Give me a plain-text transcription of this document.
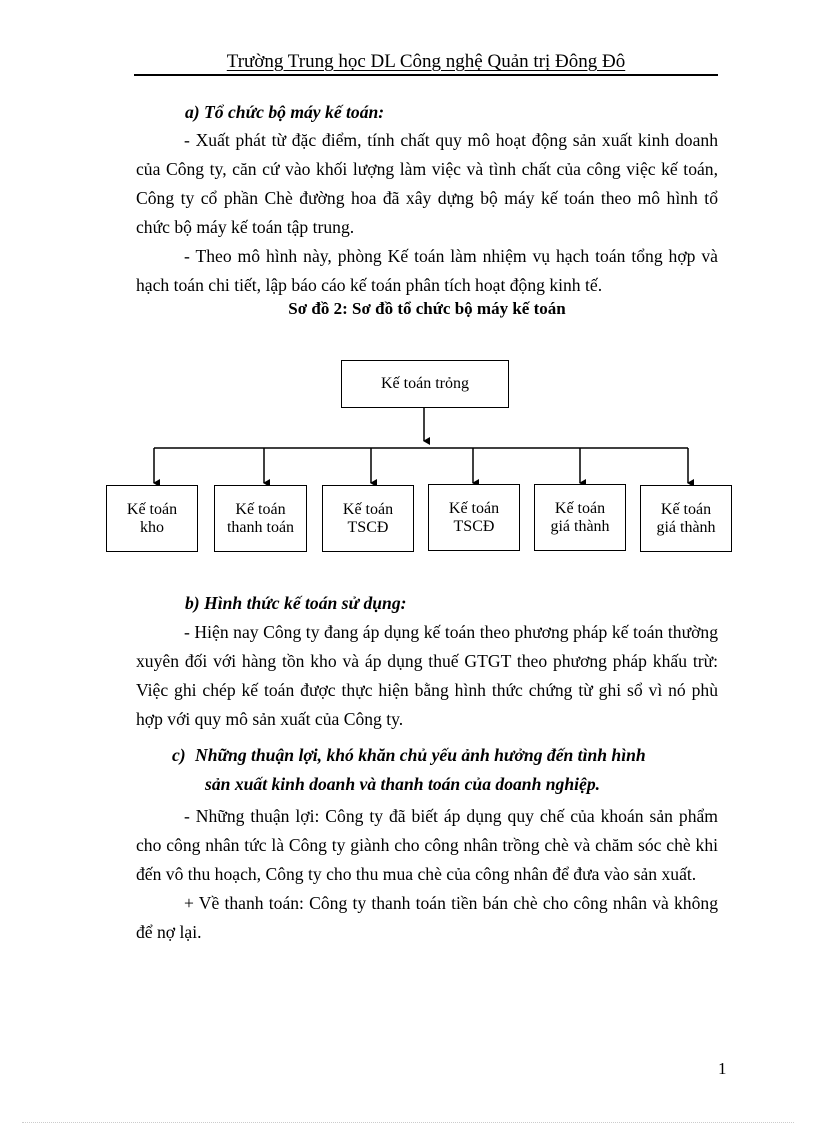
Trường Trung học DL Công nghệ Quản trị Đông Đô
a) Tổ chức bộ máy kế toán:

- Xuất phát từ đặc điểm, tính chất quy mô hoạt động sản xuất kinh doanh của Công ty, căn cứ vào khối lượng làm việc và tình chất của công việc kế toán, Công ty cổ phần Chè đường hoa đã xây dựng bộ máy kế toán theo mô hình tổ chức bộ máy kế toán tập trung.

- Theo mô hình này, phòng Kế toán làm nhiệm vụ hạch toán tổng hợp và hạch toán chi tiết, lập báo cáo kế toán phân tích hoạt động kinh tế.

Sơ đồ 2: Sơ đồ tổ chức bộ máy kế toán
Kế toán trỏng
Kế toán
kho
Kế toán
thanh toán
Kế toán
TSCĐ
Kế toán
TSCĐ
Kế toán
giá thành
Kế toán
giá thành
b) Hình thức kế toán sử dụng:

- Hiện nay Công ty đang áp dụng kế toán theo phương pháp kế toán thường xuyên đối với hàng tồn kho và áp dụng thuế GTGT theo phương pháp khấu trừ: Việc ghi chép kế toán được thực hiện bằng hình thức chứng từ ghi sổ vì nó phù hợp với quy mô sản xuất của Công ty.

c) Những thuận lợi, khó khăn chủ yếu ảnh hưởng đến tình hình
sản xuất kinh doanh và thanh toán của doanh nghiệp.

- Những thuận lợi: Công ty đã biết áp dụng quy chế của khoán sản phẩm cho công nhân tức là Công ty giành cho công nhân trồng chè và chăm sóc chè khi đến vô thu hoạch, Công ty cho thu mua chè của công nhân để đưa vào sản xuất.

+ Về thanh toán: Công ty thanh toán tiền bán chè cho công nhân và không để nợ lại.

1
